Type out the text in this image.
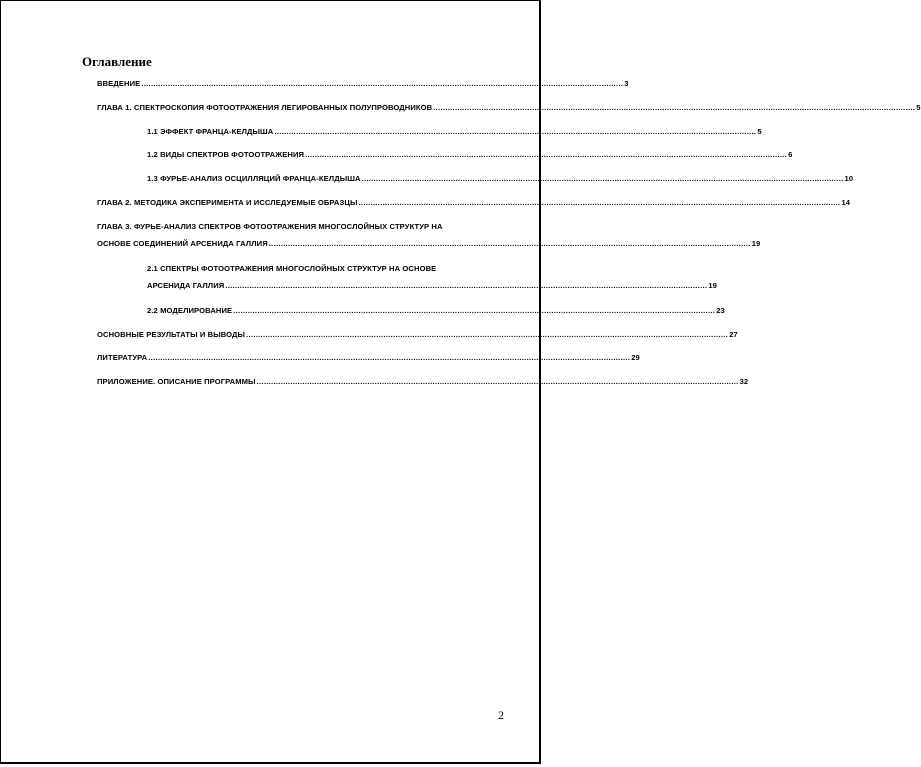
Оглавление
ВВЕДЕНИЕ ........................................................................................................................................................................................................ 3
ГЛАВА 1. СПЕКТРОСКОПИЯ ФОТООТРАЖЕНИЯ ЛЕГИРОВАННЫХ ПОЛУПРОВОДНИКОВ ........................................................................................................................................................................................................ 5
1.1 ЭФФЕКТ ФРАНЦА-КЕЛДЫША ........................................................................................................................................................................................................ 5
1.2 ВИДЫ СПЕКТРОВ ФОТООТРАЖЕНИЯ ........................................................................................................................................................................................................ 6
1.3 ФУРЬЕ-АНАЛИЗ ОСЦИЛЛЯЦИЙ ФРАНЦА-КЕЛДЫША ........................................................................................................................................................................................................ 10
ГЛАВА 2. МЕТОДИКА ЭКСПЕРИМЕНТА И ИССЛЕДУЕМЫЕ ОБРАЗЦЫ ........................................................................................................................................................................................................ 14
ГЛАВА 3. ФУРЬЕ-АНАЛИЗ СПЕКТРОВ ФОТООТРАЖЕНИЯ МНОГОСЛОЙНЫХ СТРУКТУР НА
ОСНОВЕ СОЕДИНЕНИЙ АРСЕНИДА ГАЛЛИЯ ........................................................................................................................................................................................................ 19
2.1 СПЕКТРЫ ФОТООТРАЖЕНИЯ МНОГОСЛОЙНЫХ СТРУКТУР НА ОСНОВЕ
АРСЕНИДА ГАЛЛИЯ ........................................................................................................................................................................................................ 19
2.2 МОДЕЛИРОВАНИЕ ........................................................................................................................................................................................................ 23
ОСНОВНЫЕ РЕЗУЛЬТАТЫ И ВЫВОДЫ ........................................................................................................................................................................................................ 27
ЛИТЕРАТУРА ........................................................................................................................................................................................................ 29
ПРИЛОЖЕНИЕ. ОПИСАНИЕ ПРОГРАММЫ ........................................................................................................................................................................................................ 32
2
